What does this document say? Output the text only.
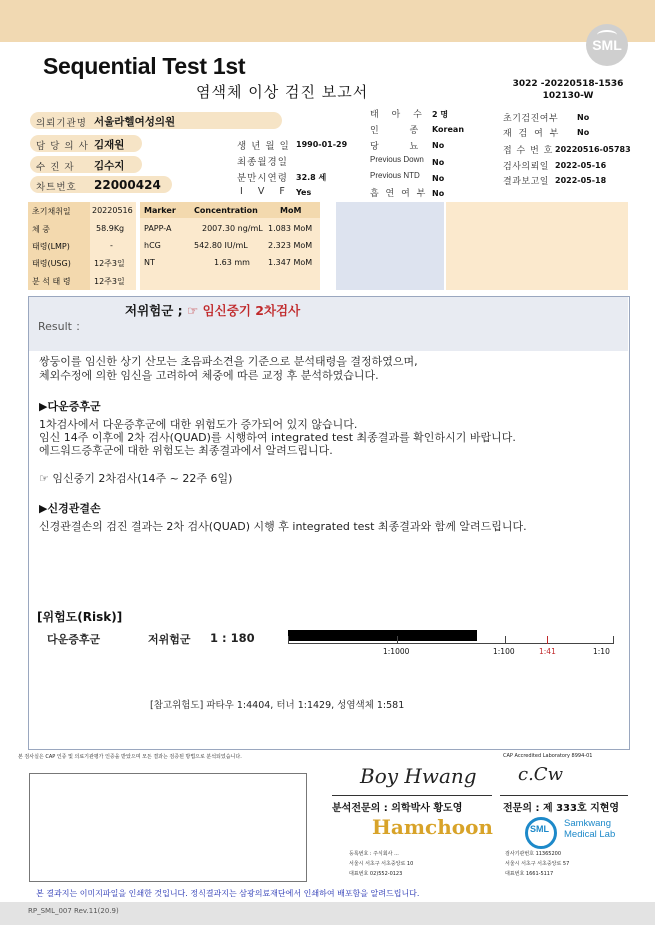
SML
Sequential Test 1st
염색체 이상 검진 보고서	3022 -20220518-1536
102130-W
의뢰기관명 서울라헬여성의원
담 당 의 사 김재원
수 진 자 김수지
차트번호 22000424
생 년 월 일 1990-01-29
최종월경일
분만시연령 32.8 세
I V F Yes
태 아 수 2 명
인 종 Korean
당 뇨 No
Previous Down No
Previous NTD No
흡 연 여 부 No
초기검진여부 No
재 검 여 부 No
접 수 번 호 20220516-05783
검사의뢰일 2022-05-16
결과보고일 2022-05-18
초기채취일	20220516
체 중	58.9Kg
태령(LMP)	-
태령(USG)	12주3일
분 석 태 령	12주3일
Marker Concentration	MoM
PAPP-A	2007.30 ng/mL 1.083 MoM
hCG	542.80 IU/mL	2.323 MoM
NT	1.63 mm 1.347 MoM
Result ：
저위험군 ; ☞ 임신중기 2차검사
쌍둥이를 임신한 상기 산모는 초음파소견을 기준으로 분석태령을 결정하였으며,
체외수정에 의한 임신을 고려하여 체중에 따른 교정 후 분석하였습니다.
▶다운증후군
1차검사에서 다운증후군에 대한 위험도가 증가되어 있지 않습니다.
임신 14주 이후에 2차 검사(QUAD)를 시행하여 integrated test 최종결과를 확인하시기 바랍니다.
에드워드증후군에 대한 위험도는 최종결과에서 알려드립니다.
☞ 임신중기 2차검사(14주 ~ 22주 6일)
▶신경관결손
신경관결손의 검진 결과는 2차 검사(QUAD) 시행 후 integrated test 최종결과와 함께 알려드립니다.
[위험도(Risk)]
다운증후군	저위험군 1 : 180
1:1000	1:100	1:41	1:10
[참고위험도] 파타우 1:4404, 터너 1:1429, 성염색체 1:581
본 검사실은 CAP 인증 및 의료기관평가 인증을 받았으며 모든 결과는 검증된 방법으로 분석되었습니다.	CAP Accredited Laboratory 8994-01
Boy Hwang c.Cw
분석전문의 : 의학박사 황도영	전문의 : 제 333호 지현영
Hamchoon	SML Samkwang
Medical Lab
등록번호 : 주식회사 ...
서울시 서초구 서초중앙로 10
대표번호 02)552-0123
검사기관번호 11365200
서울시 서초구 서초중앙로 57
대표번호 1661-5117
본 결과지는 이미지파일을 인쇄한 것입니다. 정식결과지는 삼광의료재단에서 인쇄하여 배포함을 알려드립니다.
RP_SML_007 Rev.11(20.9)
